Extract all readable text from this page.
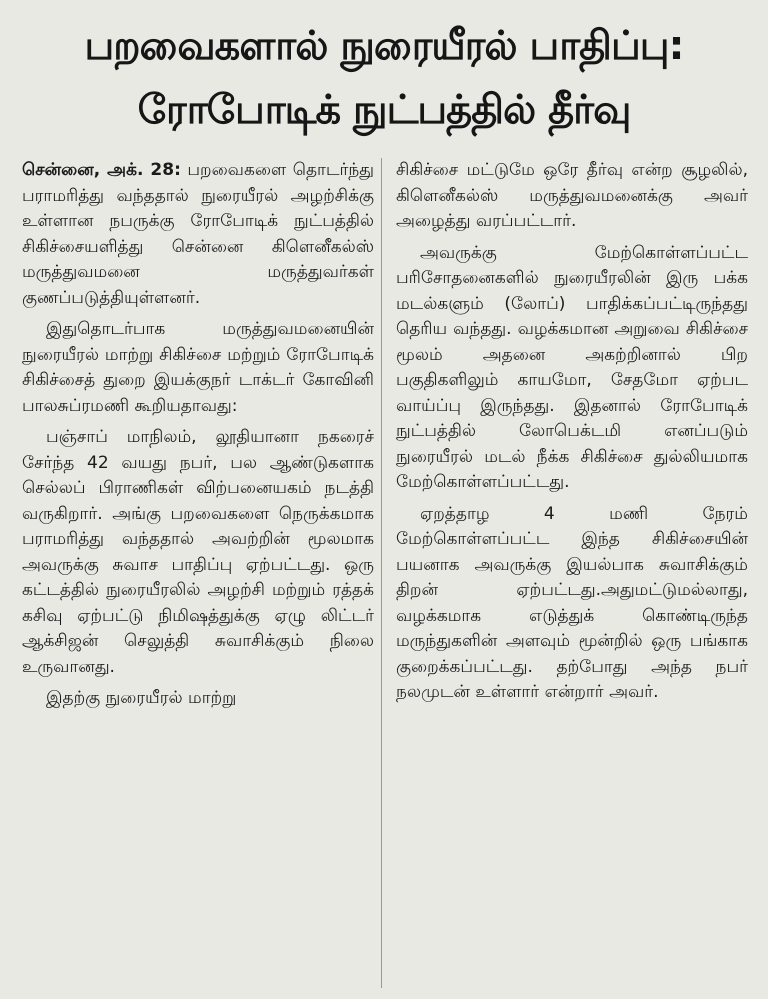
பறவைகளால் நுரையீரல் பாதிப்பு:
ரோபோடிக் நுட்பத்தில் தீர்வு

சென்னை, அக். 28: பறவைகளை தொடர்ந்து பராமரித்து வந்ததால் நுரையீரல் அழற்சிக்கு உள்ளான நபருக்கு ரோபோடிக் நுட்பத்தில் சிகிச்சையளித்து சென்னை கிளெனீகல்ஸ் மருத்துவமனை மருத்துவர்கள் குணப்படுத்தியுள்ளனர்.

இதுதொடர்பாக மருத்துவமனையின் நுரையீரல் மாற்று சிகிச்சை மற்றும் ரோபோடிக் சிகிச்சைத் துறை இயக்குநர் டாக்டர் கோவினி பாலசுப்ரமணி கூறியதாவது:

பஞ்சாப் மாநிலம், லூதியானா நகரைச் சேர்ந்த 42 வயது நபர், பல ஆண்டுகளாக செல்லப் பிராணிகள் விற்பனையகம் நடத்தி வருகிறார். அங்கு பறவைகளை நெருக்கமாக பராமரித்து வந்ததால் அவற்றின் மூலமாக அவருக்கு சுவாச பாதிப்பு ஏற்பட்டது. ஒரு கட்டத்தில் நுரையீரலில் அழற்சி மற்றும் ரத்தக் கசிவு ஏற்பட்டு நிமிஷத்துக்கு ஏழு லிட்டர் ஆக்சிஜன் செலுத்தி சுவாசிக்கும் நிலை உருவானது.

இதற்கு நுரையீரல் மாற்று

சிகிச்சை மட்டுமே ஒரே தீர்வு என்ற சூழலில், கிளெனீகல்ஸ் மருத்துவமனைக்கு அவர் அழைத்து வரப்பட்டார்.

அவருக்கு மேற்கொள்ளப்பட்ட பரிசோதனைகளில் நுரையீரலின் இரு பக்க மடல்களும் (லோப்) பாதிக்கப்பட்டிருந்தது தெரிய வந்தது. வழக்கமான அறுவை சிகிச்சை மூலம் அதனை அகற்றினால் பிற பகுதிகளிலும் காயமோ, சேதமோ ஏற்பட வாய்ப்பு இருந்தது. இதனால் ரோபோடிக் நுட்பத்தில் லோபெக்டமி எனப்படும் நுரையீரல் மடல் நீக்க சிகிச்சை துல்லியமாக மேற்கொள்ளப்பட்டது.

ஏறத்தாழ 4 மணி நேரம் மேற்கொள்ளப்பட்ட இந்த சிகிச்சையின் பயனாக அவருக்கு இயல்பாக சுவாசிக்கும் திறன் ஏற்பட்டது.அதுமட்டுமல்லாது, வழக்கமாக எடுத்துக் கொண்டிருந்த மருந்துகளின் அளவும் மூன்றில் ஒரு பங்காக குறைக்கப்பட்டது. தற்போது அந்த நபர் நலமுடன் உள்ளார் என்றார் அவர்.
